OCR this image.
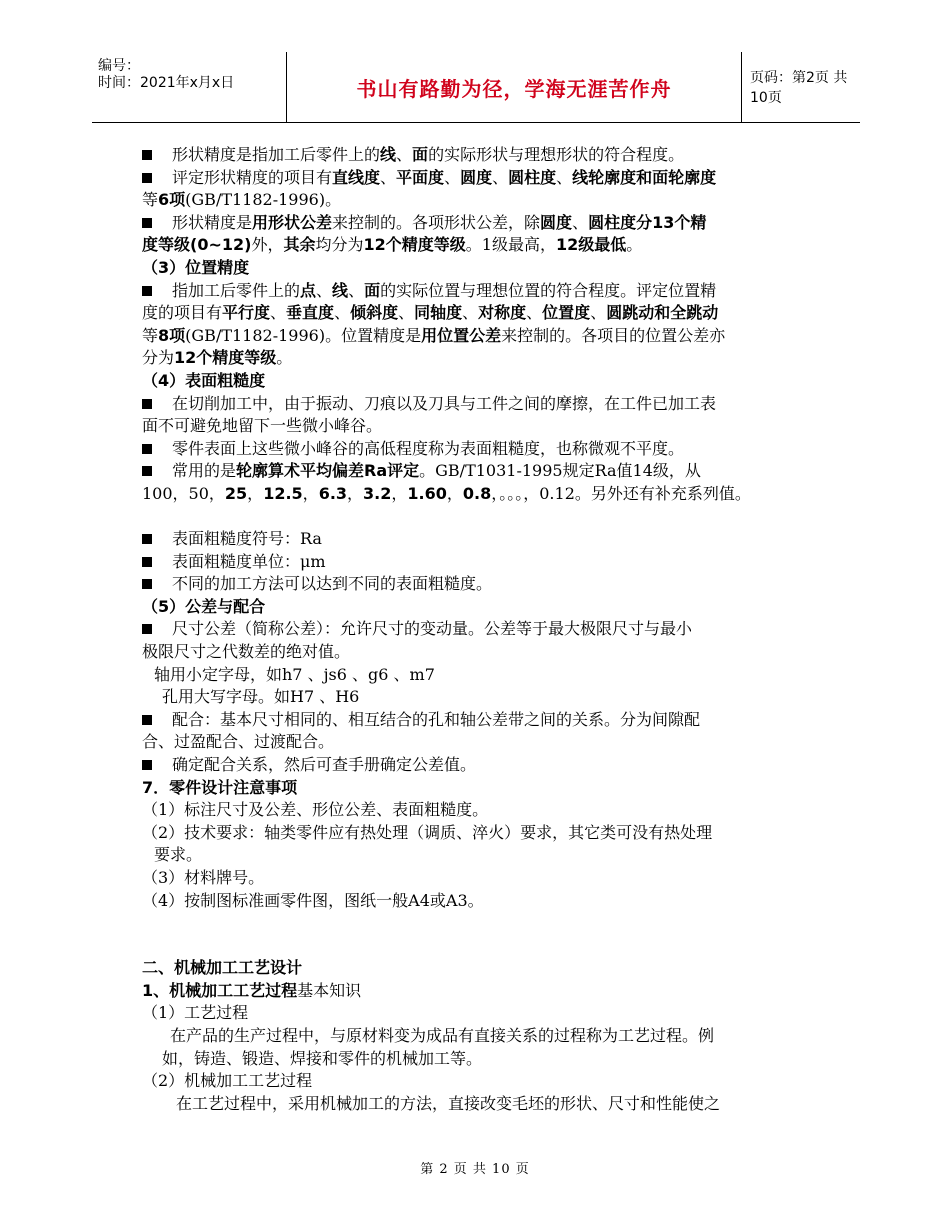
编号：
时间：2021年x月x日	书山有路勤为径，学海无涯苦作舟	页码：第2页 共10页

形状精度是指加工后零件上的线、面的实际形状与理想形状的符合程度。

评定形状精度的项目有直线度、平面度、圆度、圆柱度、线轮廓度和面轮廓度

等6项(GB/T1182-1996)。

形状精度是用形状公差来控制的。各项形状公差，除圆度、圆柱度分13个精

度等级(0~12)外，其余均分为12个精度等级。1级最高，12级最低。

（3）位置精度

指加工后零件上的点、线、面的实际位置与理想位置的符合程度。评定位置精

度的项目有平行度、垂直度、倾斜度、同轴度、对称度、位置度、圆跳动和全跳动

等8项(GB/T1182-1996)。位置精度是用位置公差来控制的。各项目的位置公差亦

分为12个精度等级。

（4）表面粗糙度

在切削加工中，由于振动、刀痕以及刀具与工件之间的摩擦，在工件已加工表

面不可避免地留下一些微小峰谷。

零件表面上这些微小峰谷的高低程度称为表面粗糙度，也称微观不平度。

常用的是轮廓算术平均偏差Ra评定。GB/T1031-1995规定Ra值14级，从

100，50，25，12.5，6.3，3.2，1.60，0.8，。。。，0.12。另外还有补充系列值。

表面粗糙度符号：Ra

表面粗糙度单位：μm

不同的加工方法可以达到不同的表面粗糙度。

（5）公差与配合

尺寸公差（简称公差）：允许尺寸的变动量。公差等于最大极限尺寸与最小

极限尺寸之代数差的绝对值。

轴用小定字母，如h7 、js6 、g6 、m7

孔用大写字母。如H7 、H6

配合：基本尺寸相同的、相互结合的孔和轴公差带之间的关系。分为间隙配

合、过盈配合、过渡配合。

确定配合关系，然后可查手册确定公差值。

7．零件设计注意事项

（1）标注尺寸及公差、形位公差、表面粗糙度。

（2）技术要求：轴类零件应有热处理（调质、淬火）要求，其它类可没有热处理

要求。

（3）材料牌号。

（4）按制图标准画零件图，图纸一般A4或A3。

二、机械加工工艺设计

1、机械加工工艺过程基本知识

（1）工艺过程

在产品的生产过程中，与原材料变为成品有直接关系的过程称为工艺过程。例

如，铸造、锻造、焊接和零件的机械加工等。

（2）机械加工工艺过程

在工艺过程中，采用机械加工的方法，直接改变毛坯的形状、尺寸和性能使之

第 2 页 共 10 页
